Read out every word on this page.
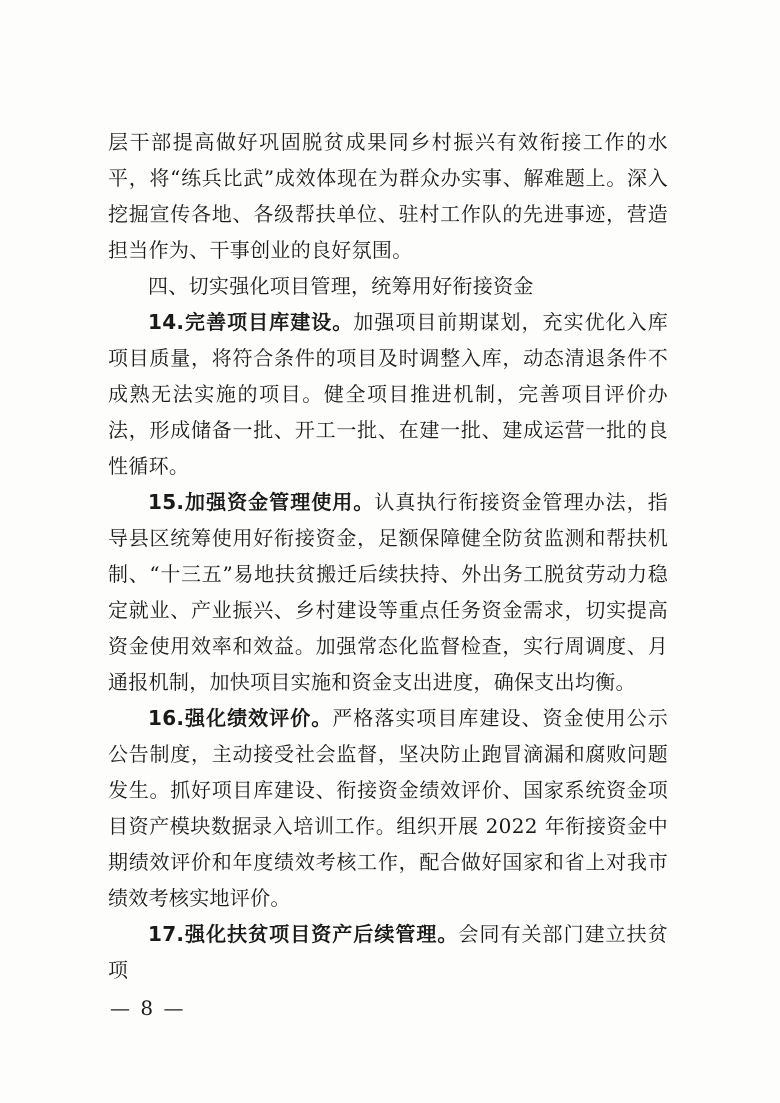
层干部提高做好巩固脱贫成果同乡村振兴有效衔接工作的水平，将“练兵比武”成效体现在为群众办实事、解难题上。深入挖掘宣传各地、各级帮扶单位、驻村工作队的先进事迹，营造担当作为、干事创业的良好氛围。

四、切实强化项目管理，统筹用好衔接资金

14.完善项目库建设。加强项目前期谋划，充实优化入库项目质量，将符合条件的项目及时调整入库，动态清退条件不成熟无法实施的项目。健全项目推进机制，完善项目评价办法，形成储备一批、开工一批、在建一批、建成运营一批的良性循环。

15.加强资金管理使用。认真执行衔接资金管理办法，指导县区统筹使用好衔接资金，足额保障健全防贫监测和帮扶机制、“十三五”易地扶贫搬迁后续扶持、外出务工脱贫劳动力稳定就业、产业振兴、乡村建设等重点任务资金需求，切实提高资金使用效率和效益。加强常态化监督检查，实行周调度、月通报机制，加快项目实施和资金支出进度，确保支出均衡。

16.强化绩效评价。严格落实项目库建设、资金使用公示公告制度，主动接受社会监督，坚决防止跑冒滴漏和腐败问题发生。抓好项目库建设、衔接资金绩效评价、国家系统资金项目资产模块数据录入培训工作。组织开展 2022 年衔接资金中期绩效评价和年度绩效考核工作，配合做好国家和省上对我市绩效考核实地评价。

17.强化扶贫项目资产后续管理。会同有关部门建立扶贫项

— 8 —
